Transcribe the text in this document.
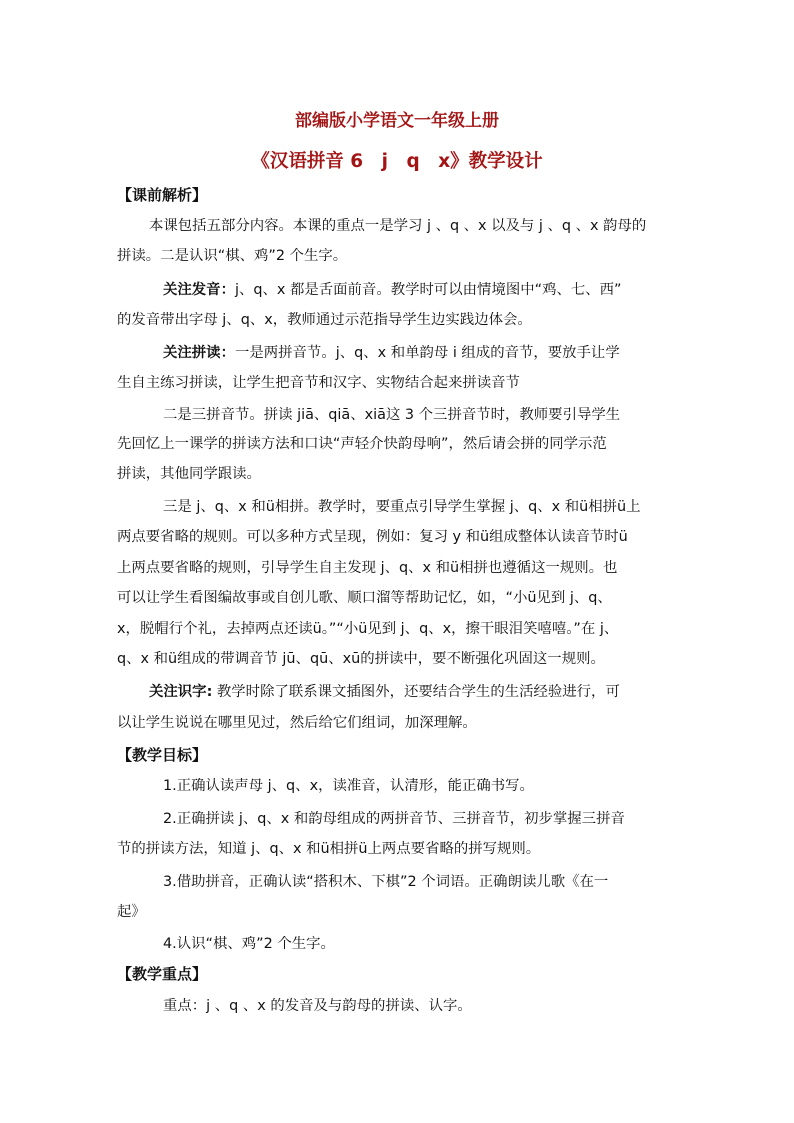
部编版小学语文一年级上册
《汉语拼音 6　j　q　x》教学设计
【课前解析】
本课包括五部分内容。本课的重点一是学习 j 、q 、x 以及与 j 、q 、x 韵母的
拼读。二是认识“棋、鸡”2 个生字。
关注发音：j、q、x 都是舌面前音。教学时可以由情境图中“鸡、七、西”
的发音带出字母 j、q、x，教师通过示范指导学生边实践边体会。
关注拼读：一是两拼音节。j、q、x 和单韵母 i 组成的音节，要放手让学
生自主练习拼读，让学生把音节和汉字、实物结合起来拼读音节
二是三拼音节。拼读 jiā、qiā、xiā这 3 个三拼音节时，教师要引导学生
先回忆上一课学的拼读方法和口诀“声轻介快韵母响”，然后请会拼的同学示范
拼读，其他同学跟读。
三是 j、q、x 和ü相拼。教学时，要重点引导学生掌握 j、q、x 和ü相拼ü上
两点要省略的规则。可以多种方式呈现，例如：复习 y 和ü组成整体认读音节时ü
上两点要省略的规则，引导学生自主发现 j、q、x 和ü相拼也遵循这一规则。也
可以让学生看图编故事或自创儿歌、顺口溜等帮助记忆，如，“小ü见到 j、q、
x，脱帽行个礼，去掉两点还读ü。”“小ü见到 j、q、x，擦干眼泪笑嘻嘻。”在 j、
q、x 和ü组成的带调音节 jū、qū、xū的拼读中，要不断强化巩固这一规则。
关注识字: 教学时除了联系课文插图外，还要结合学生的生活经验进行，可
以让学生说说在哪里见过，然后给它们组词，加深理解。
【教学目标】
1.正确认读声母 j、q、x，读准音，认清形，能正确书写。
2.正确拼读 j、q、x 和韵母组成的两拼音节、三拼音节，初步掌握三拼音
节的拼读方法，知道 j、q、x 和ü相拼ü上两点要省略的拼写规则。
3.借助拼音，正确认读“搭积木、下棋”2 个词语。正确朗读儿歌《在一
起》
4.认识“棋、鸡”2 个生字。
【教学重点】
重点：j 、q 、x 的发音及与韵母的拼读、认字。
